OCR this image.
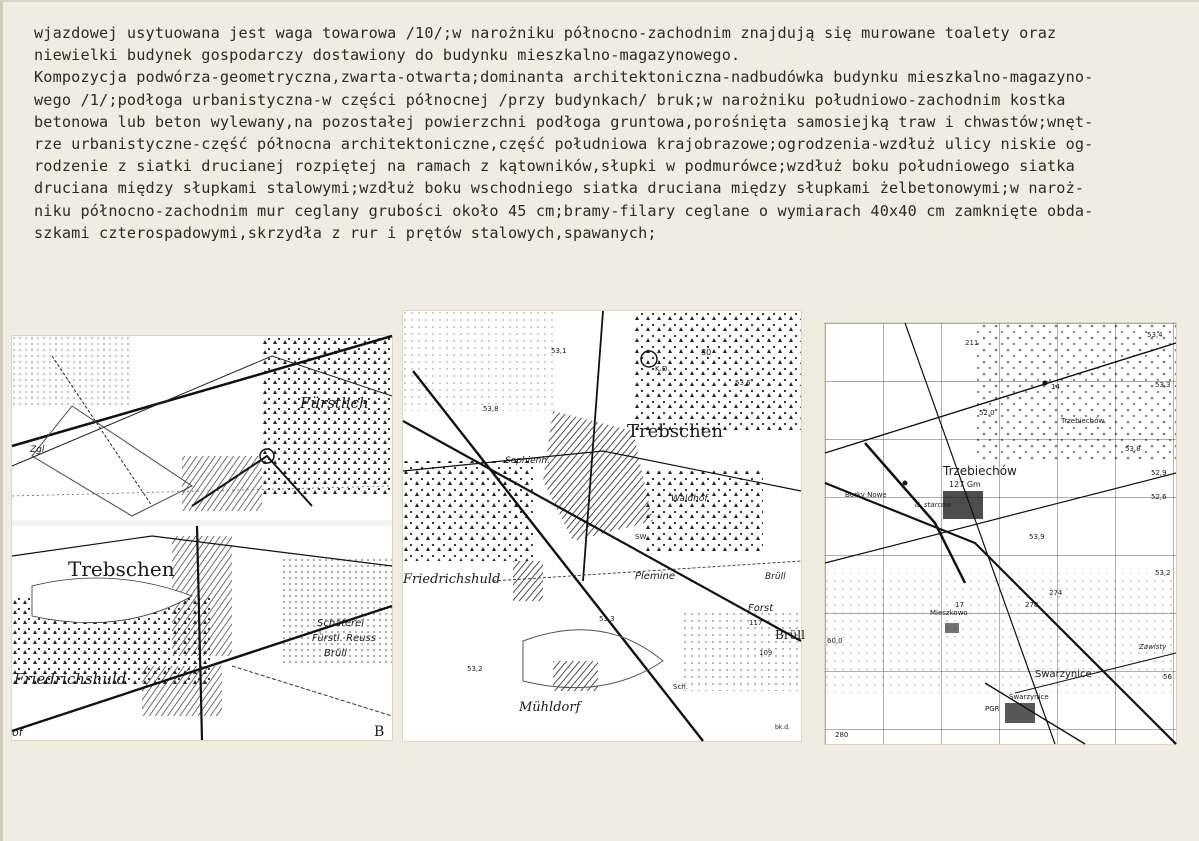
wjazdowej usytuowana jest waga towarowa /10/;w narożniku północno-zachodnim znajdują się murowane toalety oraz
niewielki budynek gospodarczy dostawiony do budynku mieszkalno-magazynowego.
Kompozycja podwórza-geometryczna,zwarta-otwarta;dominanta architektoniczna-nadbudówka budynku mieszkalno-magazyno-
wego /1/;podłoga urbanistyczna-w części północnej /przy budynkach/ bruk;w narożniku południowo-zachodnim kostka
betonowa lub beton wylewany,na pozostałej powierzchni podłoga gruntowa,porośnięta samosiejką traw i chwastów;wnęt-
rze urbanistyczne-część północna architektoniczne,część południowa krajobrazowe;ogrodzenia-wzdłuż ulicy niskie og-
rodzenie z siatki drucianej rozpiętej na ramach z kątowników,słupki w podmurówce;wzdłuż boku południowego siatka
druciana między słupkami stalowymi;wzdłuż boku wschodniego siatka druciana między słupkami żelbetonowymi;w naroż-
niku północno-zachodnim mur ceglany grubości około 45 cm;bramy-filary ceglane o wymiarach 40x40 cm zamknięte obda-
szkami czterospadowymi,skrzydła z rur i prętów stalowych,spawanych;
Fürstlich
Zgl.
Trebschen
Schäferei
Fürstl. Reuss
Brüll
Friedrichshuld
of	B
Trebschen
Sophienh.
Waldhof
Friedrichshuld	Plemine	Brüll
Forst
Brüll
Mühldorf
30
53,1
53,6
53,8
53,3
53,2
109
117
K.D.
Sch.
SW.
bk.d.
Trzebiechów
127 Gm
Borky Nowe
d. starców
Mieszkowo
Swarzynice
Swarzynice
PGR
Zawisty
Trzebiechów
52,0
53,4
53,8
53,9
53,2
52,9
52,6
53,3
60,0
280
56
211
14
17	278
274
